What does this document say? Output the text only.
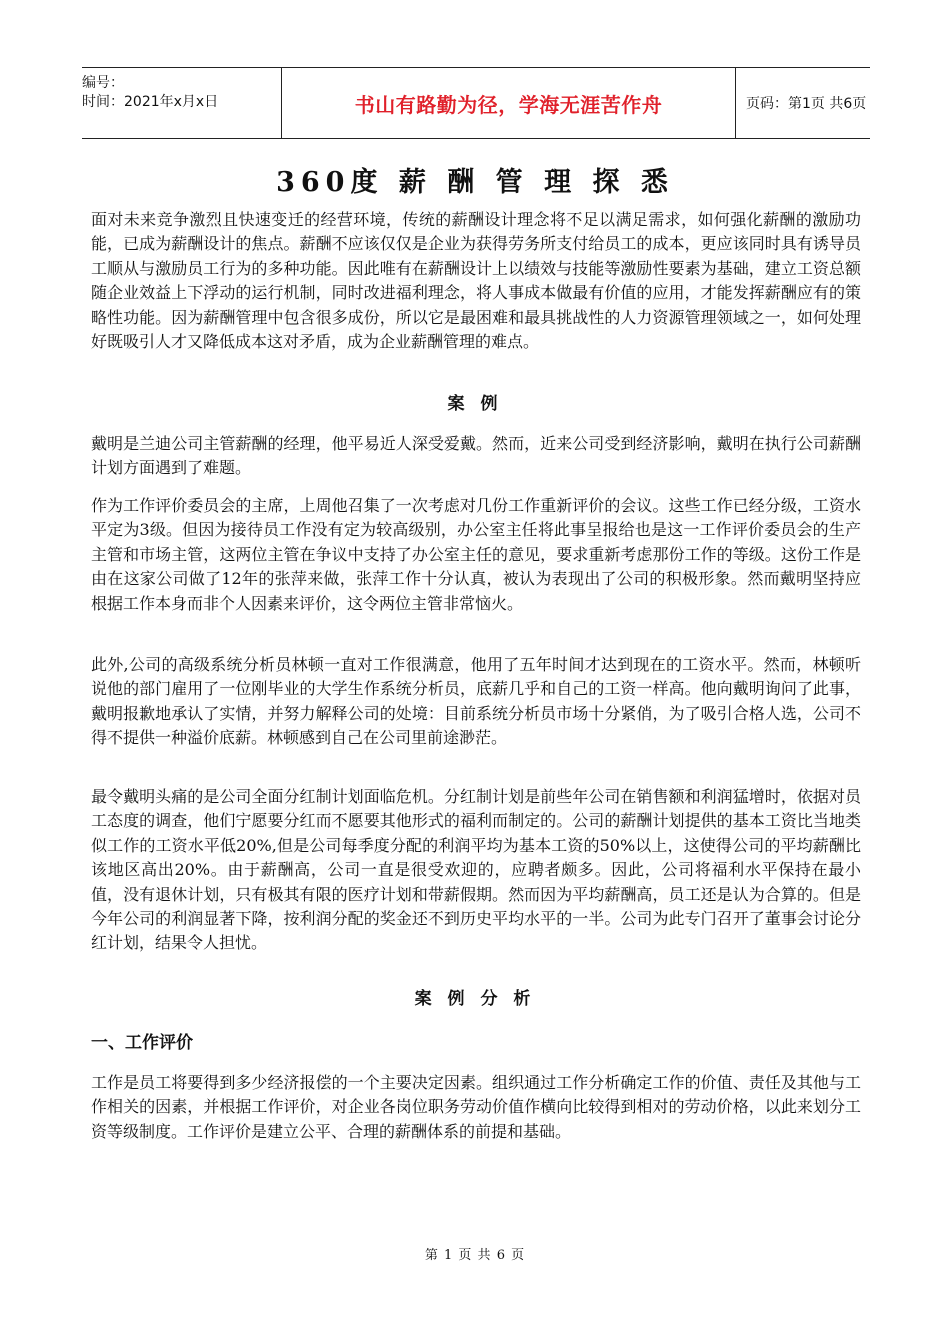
编号：
时间：2021年x月x日	书山有路勤为径，学海无涯苦作舟	页码：第1页 共6页
360度 薪 酬 管 理 探 悉

面对未来竞争激烈且快速变迁的经营环境，传统的薪酬设计理念将不足以满足需求，如何强化薪酬的激励功能，已成为薪酬设计的焦点。薪酬不应该仅仅是企业为获得劳务所支付给员工的成本，更应该同时具有诱导员工顺从与激励员工行为的多种功能。因此唯有在薪酬设计上以绩效与技能等激励性要素为基础，建立工资总额随企业效益上下浮动的运行机制，同时改进福利理念，将人事成本做最有价值的应用，才能发挥薪酬应有的策略性功能。因为薪酬管理中包含很多成份，所以它是最困难和最具挑战性的人力资源管理领域之一，如何处理好既吸引人才又降低成本这对矛盾，成为企业薪酬管理的难点。

案 例

戴明是兰迪公司主管薪酬的经理，他平易近人深受爱戴。然而，近来公司受到经济影响，戴明在执行公司薪酬计划方面遇到了难题。

作为工作评价委员会的主席，上周他召集了一次考虑对几份工作重新评价的会议。这些工作已经分级，工资水平定为3级。但因为接待员工作没有定为较高级别，办公室主任将此事呈报给也是这一工作评价委员会的生产主管和市场主管，这两位主管在争议中支持了办公室主任的意见，要求重新考虑那份工作的等级。这份工作是由在这家公司做了12年的张萍来做，张萍工作十分认真，被认为表现出了公司的积极形象。然而戴明坚持应根据工作本身而非个人因素来评价，这令两位主管非常恼火。

此外,公司的高级系统分析员林顿一直对工作很满意，他用了五年时间才达到现在的工资水平。然而，林顿听说他的部门雇用了一位刚毕业的大学生作系统分析员，底薪几乎和自己的工资一样高。他向戴明询问了此事，戴明报歉地承认了实情，并努力解释公司的处境：目前系统分析员市场十分紧俏，为了吸引合格人选，公司不得不提供一种溢价底薪。林顿感到自己在公司里前途渺茫。

最令戴明头痛的是公司全面分红制计划面临危机。分红制计划是前些年公司在销售额和利润猛增时，依据对员工态度的调查，他们宁愿要分红而不愿要其他形式的福利而制定的。公司的薪酬计划提供的基本工资比当地类似工作的工资水平低20%,但是公司每季度分配的利润平均为基本工资的50%以上，这使得公司的平均薪酬比该地区高出20%。由于薪酬高，公司一直是很受欢迎的，应聘者颇多。因此，公司将福利水平保持在最小值，没有退休计划，只有极其有限的医疗计划和带薪假期。然而因为平均薪酬高，员工还是认为合算的。但是今年公司的利润显著下降，按利润分配的奖金还不到历史平均水平的一半。公司为此专门召开了董事会讨论分红计划，结果令人担忧。

案 例 分 析
一、工作评价

工作是员工将要得到多少经济报偿的一个主要决定因素。组织通过工作分析确定工作的价值、责任及其他与工作相关的因素，并根据工作评价，对企业各岗位职务劳动价值作横向比较得到相对的劳动价格，以此来划分工资等级制度。工作评价是建立公平、合理的薪酬体系的前提和基础。

第 1 页 共 6 页
